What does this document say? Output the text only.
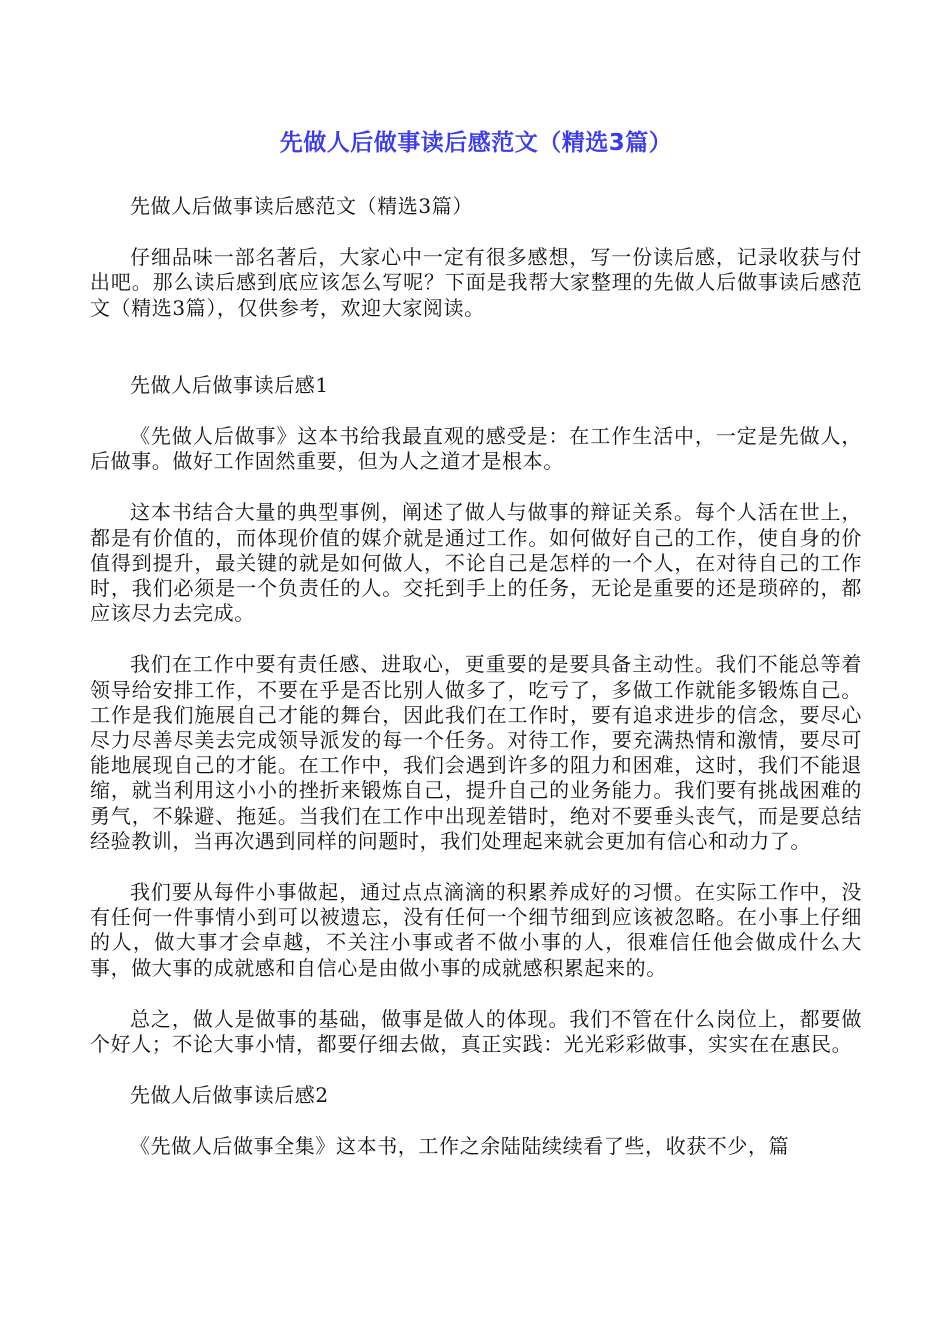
先做人后做事读后感范文（精选3篇）

先做人后做事读后感范文（精选3篇）

仔细品味一部名著后，大家心中一定有很多感想，写一份读后感，记录收获与付出吧。那么读后感到底应该怎么写呢？下面是我帮大家整理的先做人后做事读后感范文（精选3篇），仅供参考，欢迎大家阅读。

先做人后做事读后感1

《先做人后做事》这本书给我最直观的感受是：在工作生活中，一定是先做人，后做事。做好工作固然重要，但为人之道才是根本。

这本书结合大量的典型事例，阐述了做人与做事的辩证关系。每个人活在世上，都是有价值的，而体现价值的媒介就是通过工作。如何做好自己的工作，使自身的价值得到提升，最关键的就是如何做人，不论自己是怎样的一个人，在对待自己的工作时，我们必须是一个负责任的人。交托到手上的任务，无论是重要的还是琐碎的，都应该尽力去完成。

我们在工作中要有责任感、进取心，更重要的是要具备主动性。我们不能总等着领导给安排工作，不要在乎是否比别人做多了，吃亏了，多做工作就能多锻炼自己。工作是我们施展自己才能的舞台，因此我们在工作时，要有追求进步的信念，要尽心尽力尽善尽美去完成领导派发的每一个任务。对待工作，要充满热情和激情，要尽可能地展现自己的才能。在工作中，我们会遇到许多的阻力和困难，这时，我们不能退缩，就当利用这小小的挫折来锻炼自己，提升自己的业务能力。我们要有挑战困难的勇气，不躲避、拖延。当我们在工作中出现差错时，绝对不要垂头丧气，而是要总结经验教训，当再次遇到同样的问题时，我们处理起来就会更加有信心和动力了。

我们要从每件小事做起，通过点点滴滴的积累养成好的习惯。在实际工作中，没有任何一件事情小到可以被遗忘，没有任何一个细节细到应该被忽略。在小事上仔细的人，做大事才会卓越，不关注小事或者不做小事的人，很难信任他会做成什么大事，做大事的成就感和自信心是由做小事的成就感积累起来的。

总之，做人是做事的基础，做事是做人的体现。我们不管在什么岗位上，都要做个好人；不论大事小情，都要仔细去做，真正实践：光光彩彩做事，实实在在惠民。

先做人后做事读后感2

《先做人后做事全集》这本书，工作之余陆陆续续看了些，收获不少，篇
